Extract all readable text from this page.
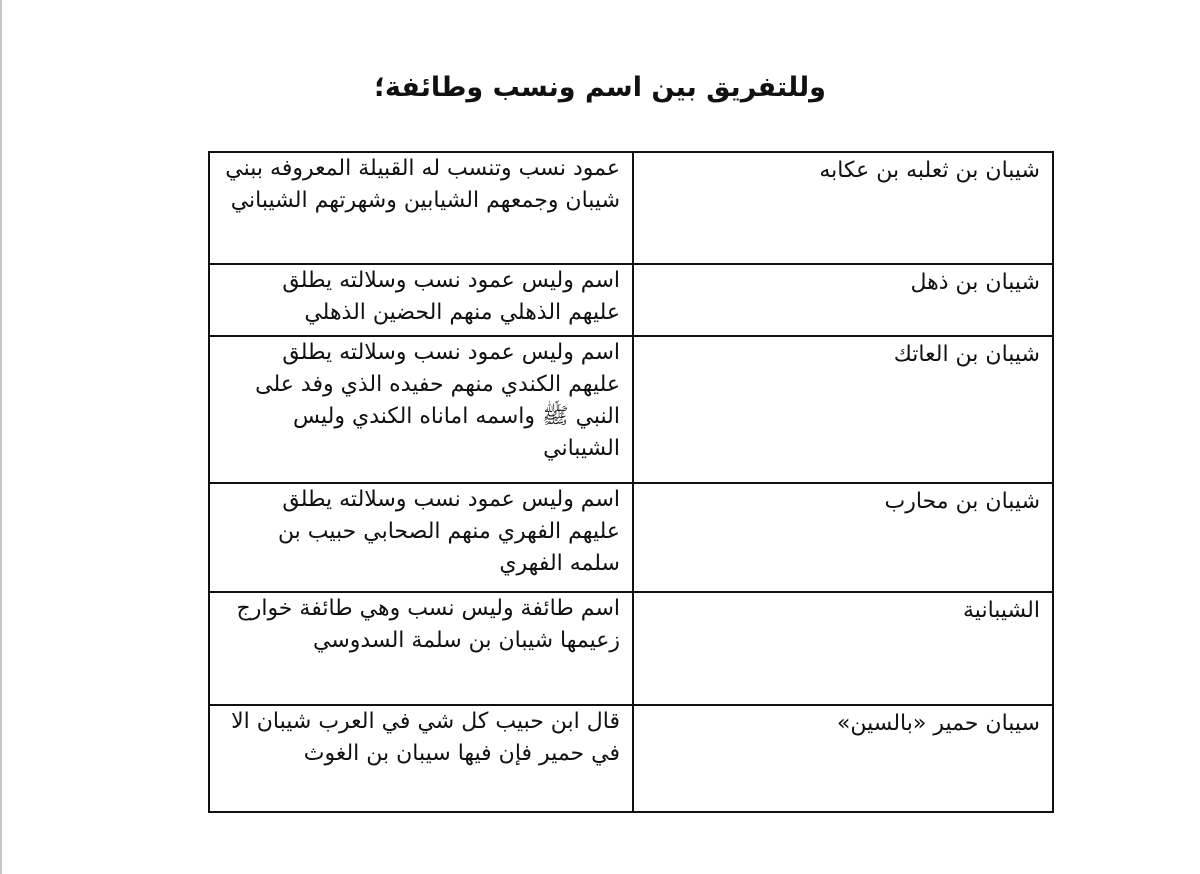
وللتفريق بين اسم ونسب وطائفة؛
شيبان بن ثعلبه بن عكابه	عمود نسب وتنسب له القبيلة المعروفه ببني شيبان وجمعهم الشيابين وشهرتهم الشيباني
شيبان بن ذهل	اسم وليس عمود نسب وسلالته يطلق عليهم الذهلي منهم الحضين الذهلي
شيبان بن العاتك	اسم وليس عمود نسب وسلالته يطلق عليهم الكندي منهم حفيده الذي وفد على النبي ﷺ واسمه اماناه الكندي وليس الشيباني
شيبان بن محارب	اسم وليس عمود نسب وسلالته يطلق عليهم الفهري منهم الصحابي حبيب بن سلمه الفهري
الشيبانية	اسم طائفة وليس نسب وهي طائفة خوارج زعيمها شيبان بن سلمة السدوسي
سيبان حمير «بالسين»	قال ابن حبيب كل شي في العرب شيبان الا في حمير فإن فيها سيبان بن الغوث
